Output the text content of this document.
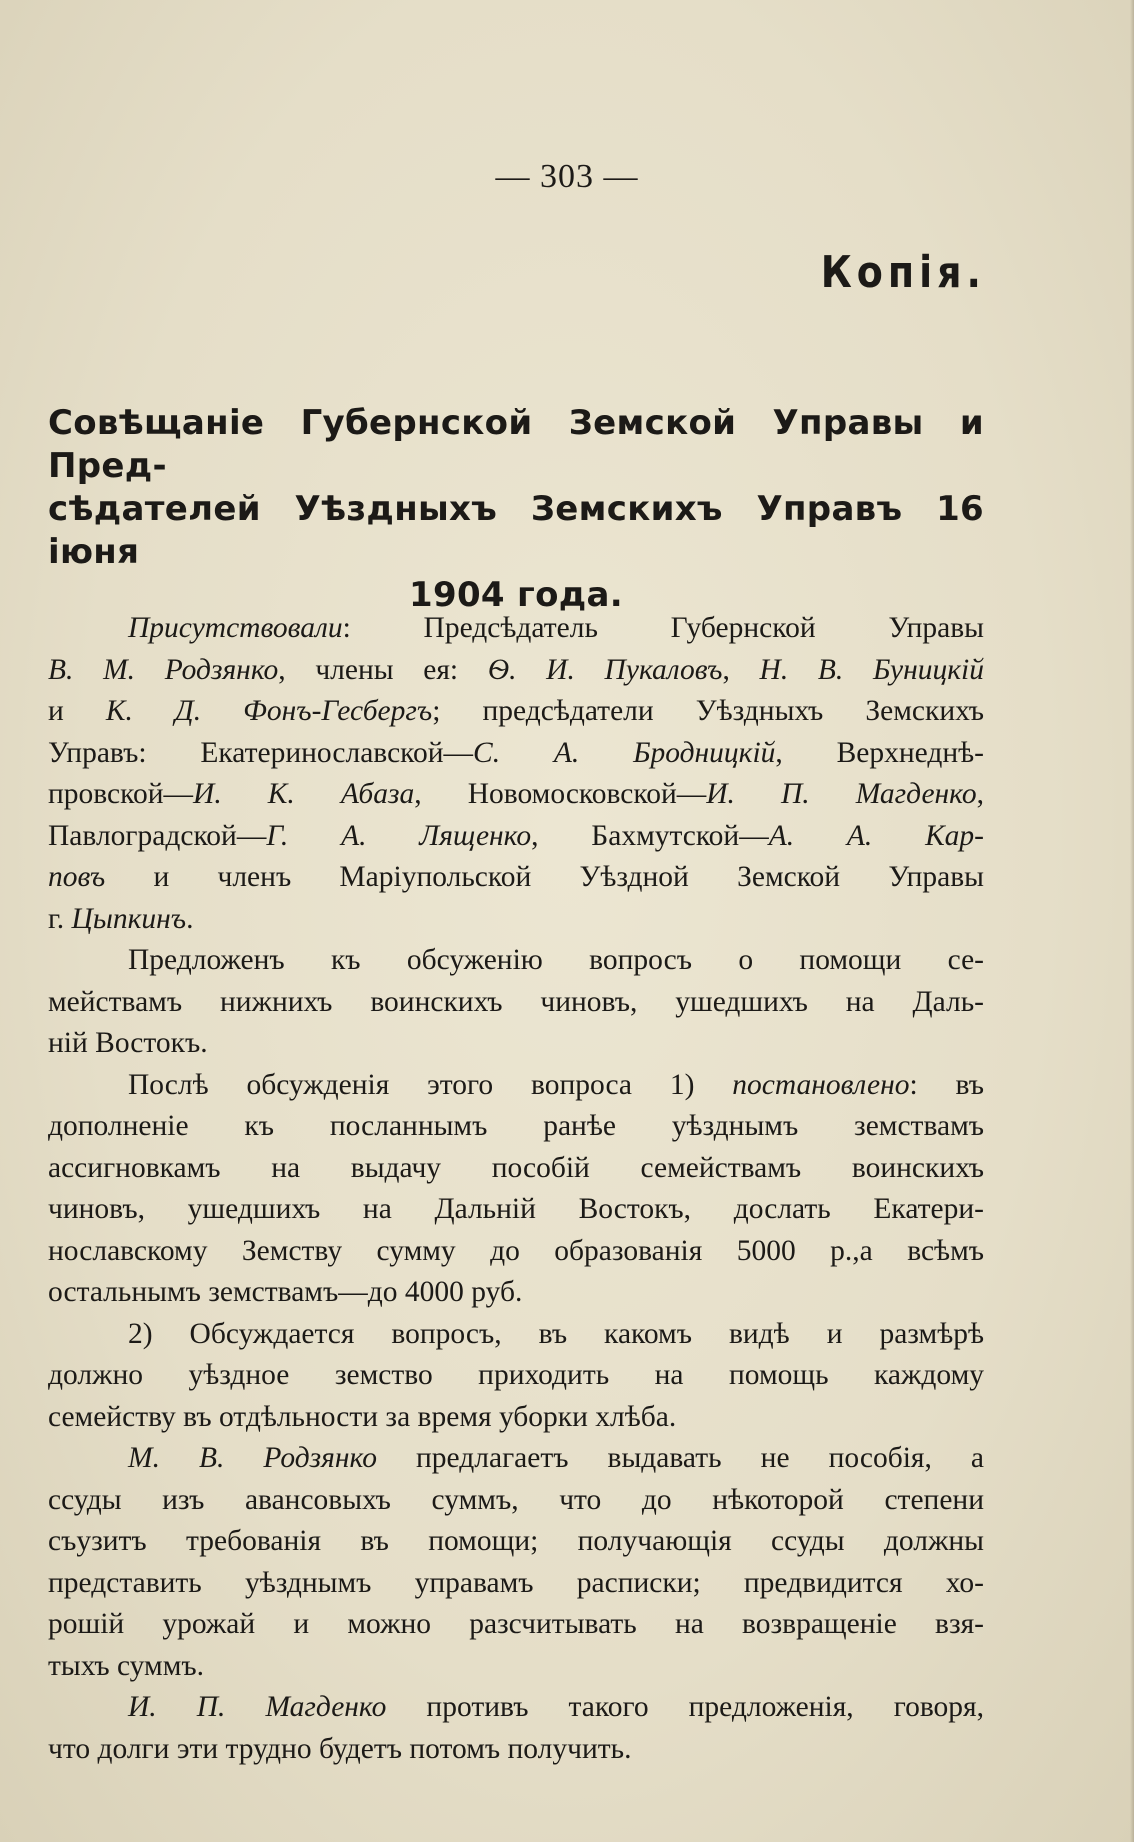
— 303 —
Копія.
Совѣщаніе Губернской Земской Управы и Пред-
сѣдателей Уѣздныхъ Земскихъ Управъ 16 іюня
1904 года.
Присутствовали: Предсѣдатель Губернской Управы
В. М. Родзянко, члены ея: Ѳ. И. Пукаловъ, Н. В. Буницкій
и К. Д. Фонъ-Гесбергъ; предсѣдатели Уѣздныхъ Земскихъ
Управъ: Екатеринославской—С. А. Бродницкій, Верхнеднѣ-
провской—И. К. Абаза, Новомосковской—И. П. Магденко,
Павлоградской—Г. А. Лященко, Бахмутской—А. А. Кар-
повъ и членъ Маріупольской Уѣздной Земской Управы
г. Цыпкинъ.
Предложенъ къ обсуженію вопросъ о помощи се-
мействамъ нижнихъ воинскихъ чиновъ, ушедшихъ на Даль-
ній Востокъ.
Послѣ обсужденія этого вопроса 1) постановлено: въ
дополненіе къ посланнымъ ранѣе уѣзднымъ земствамъ
ассигновкамъ на выдачу пособій семействамъ воинскихъ
чиновъ, ушедшихъ на Дальній Востокъ, дослать Екатери-
нославскому Земству сумму до образованія 5000 р.,а всѣмъ
остальнымъ земствамъ—до 4000 руб.
2) Обсуждается вопросъ, въ какомъ видѣ и размѣрѣ
должно уѣздное земство приходить на помощь каждому
семейству въ отдѣльности за время уборки хлѣба.
М. В. Родзянко предлагаетъ выдавать не пособія, а
ссуды изъ авансовыхъ суммъ, что до нѣкоторой степени
съузитъ требованія въ помощи; получающія ссуды должны
представить уѣзднымъ управамъ расписки; предвидится хо-
рошій урожай и можно разсчитывать на возвращеніе взя-
тыхъ суммъ.
И. П. Магденко противъ такого предложенія, говоря,
что долги эти трудно будетъ потомъ получить.
